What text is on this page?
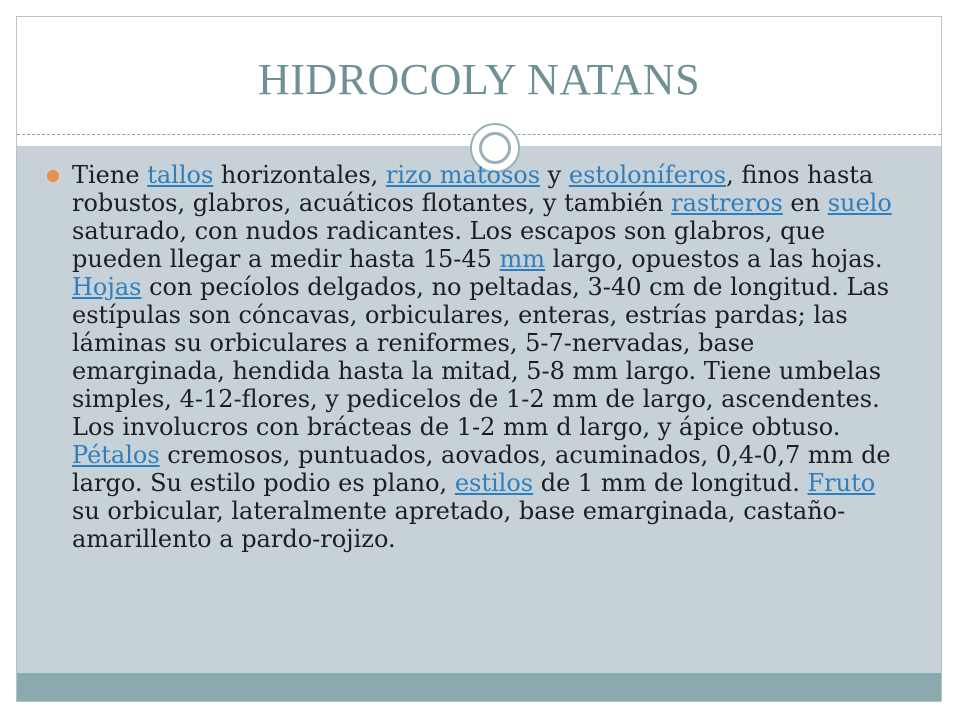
HIDROCOLY NATANS

Tiene tallos horizontales, rizo matosos y estoloníferos, finos hasta robustos, glabros, acuáticos flotantes, y también rastreros en suelo saturado, con nudos radicantes. Los escapos son glabros, que pueden llegar a medir hasta 15-45 mm largo, opuestos a las hojas. Hojas con pecíolos delgados, no peltadas, 3-40 cm de longitud. Las estípulas son cóncavas, orbiculares, enteras, estrías pardas; las láminas su orbiculares a reniformes, 5-7-nervadas, base emarginada, hendida hasta la mitad, 5-8 mm largo. Tiene umbelas simples, 4-12-flores, y pedicelos de 1-2 mm de largo, ascendentes. Los involucros con brácteas de 1-2 mm d largo, y ápice obtuso. Pétalos cremosos, puntuados, aovados, acuminados, 0,4-0,7 mm de largo. Su estilo podio es plano, estilos de 1 mm de longitud. Fruto su orbicular, lateralmente apretado, base emarginada, castaño-amarillento a pardo-rojizo.
